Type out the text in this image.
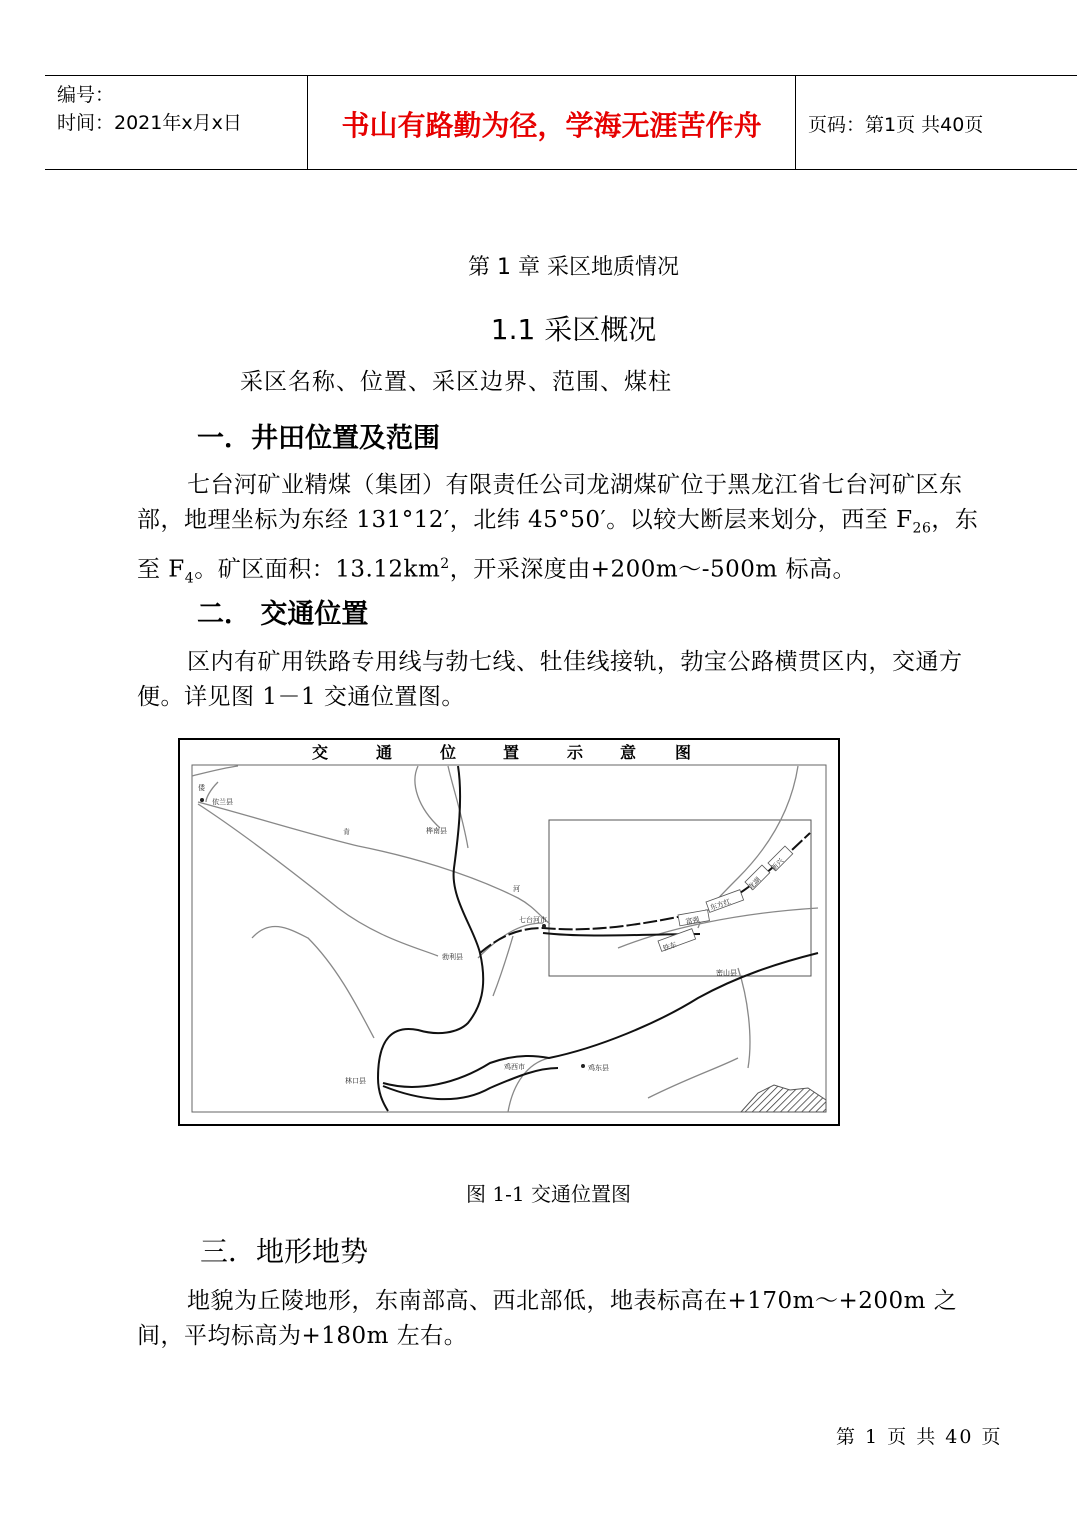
编号：
时间：2021年x月x日	书山有路勤为径，学海无涯苦作舟	页码：第1页 共40页
第 1 章 采区地质情况
1.1 采区概况
采区名称、位置、采区边界、范围、煤柱
一．井田位置及范围
七台河矿业精煤（集团）有限责任公司龙湖煤矿位于黑龙江省七台河矿区东部，地理坐标为东经 131°12′，北纬 45°50′。以较大断层来划分，西至 $F_{26}$，东至 $F_4$。矿区面积：$13.12km^2$，开采深度由+200m～-500m 标高。
二． 交通位置
区内有矿用铁路专用线与勃七线、牡佳线接轨，勃宝公路横贯区内，交通方便。详见图 1－1 交通位置图。
交	通	位	置	示 意 图
倭
依兰县
肯	桦南县
河
七台河市
勃利县
林口县
鸡西市	鸡东县
密山县
东方红
铁东
富强
龙湖
新兴
图 1-1 交通位置图
三．地形地势
地貌为丘陵地形，东南部高、西北部低，地表标高在+170m～+200m 之间，平均标高为+180m 左右。
第 1 页 共 40 页
